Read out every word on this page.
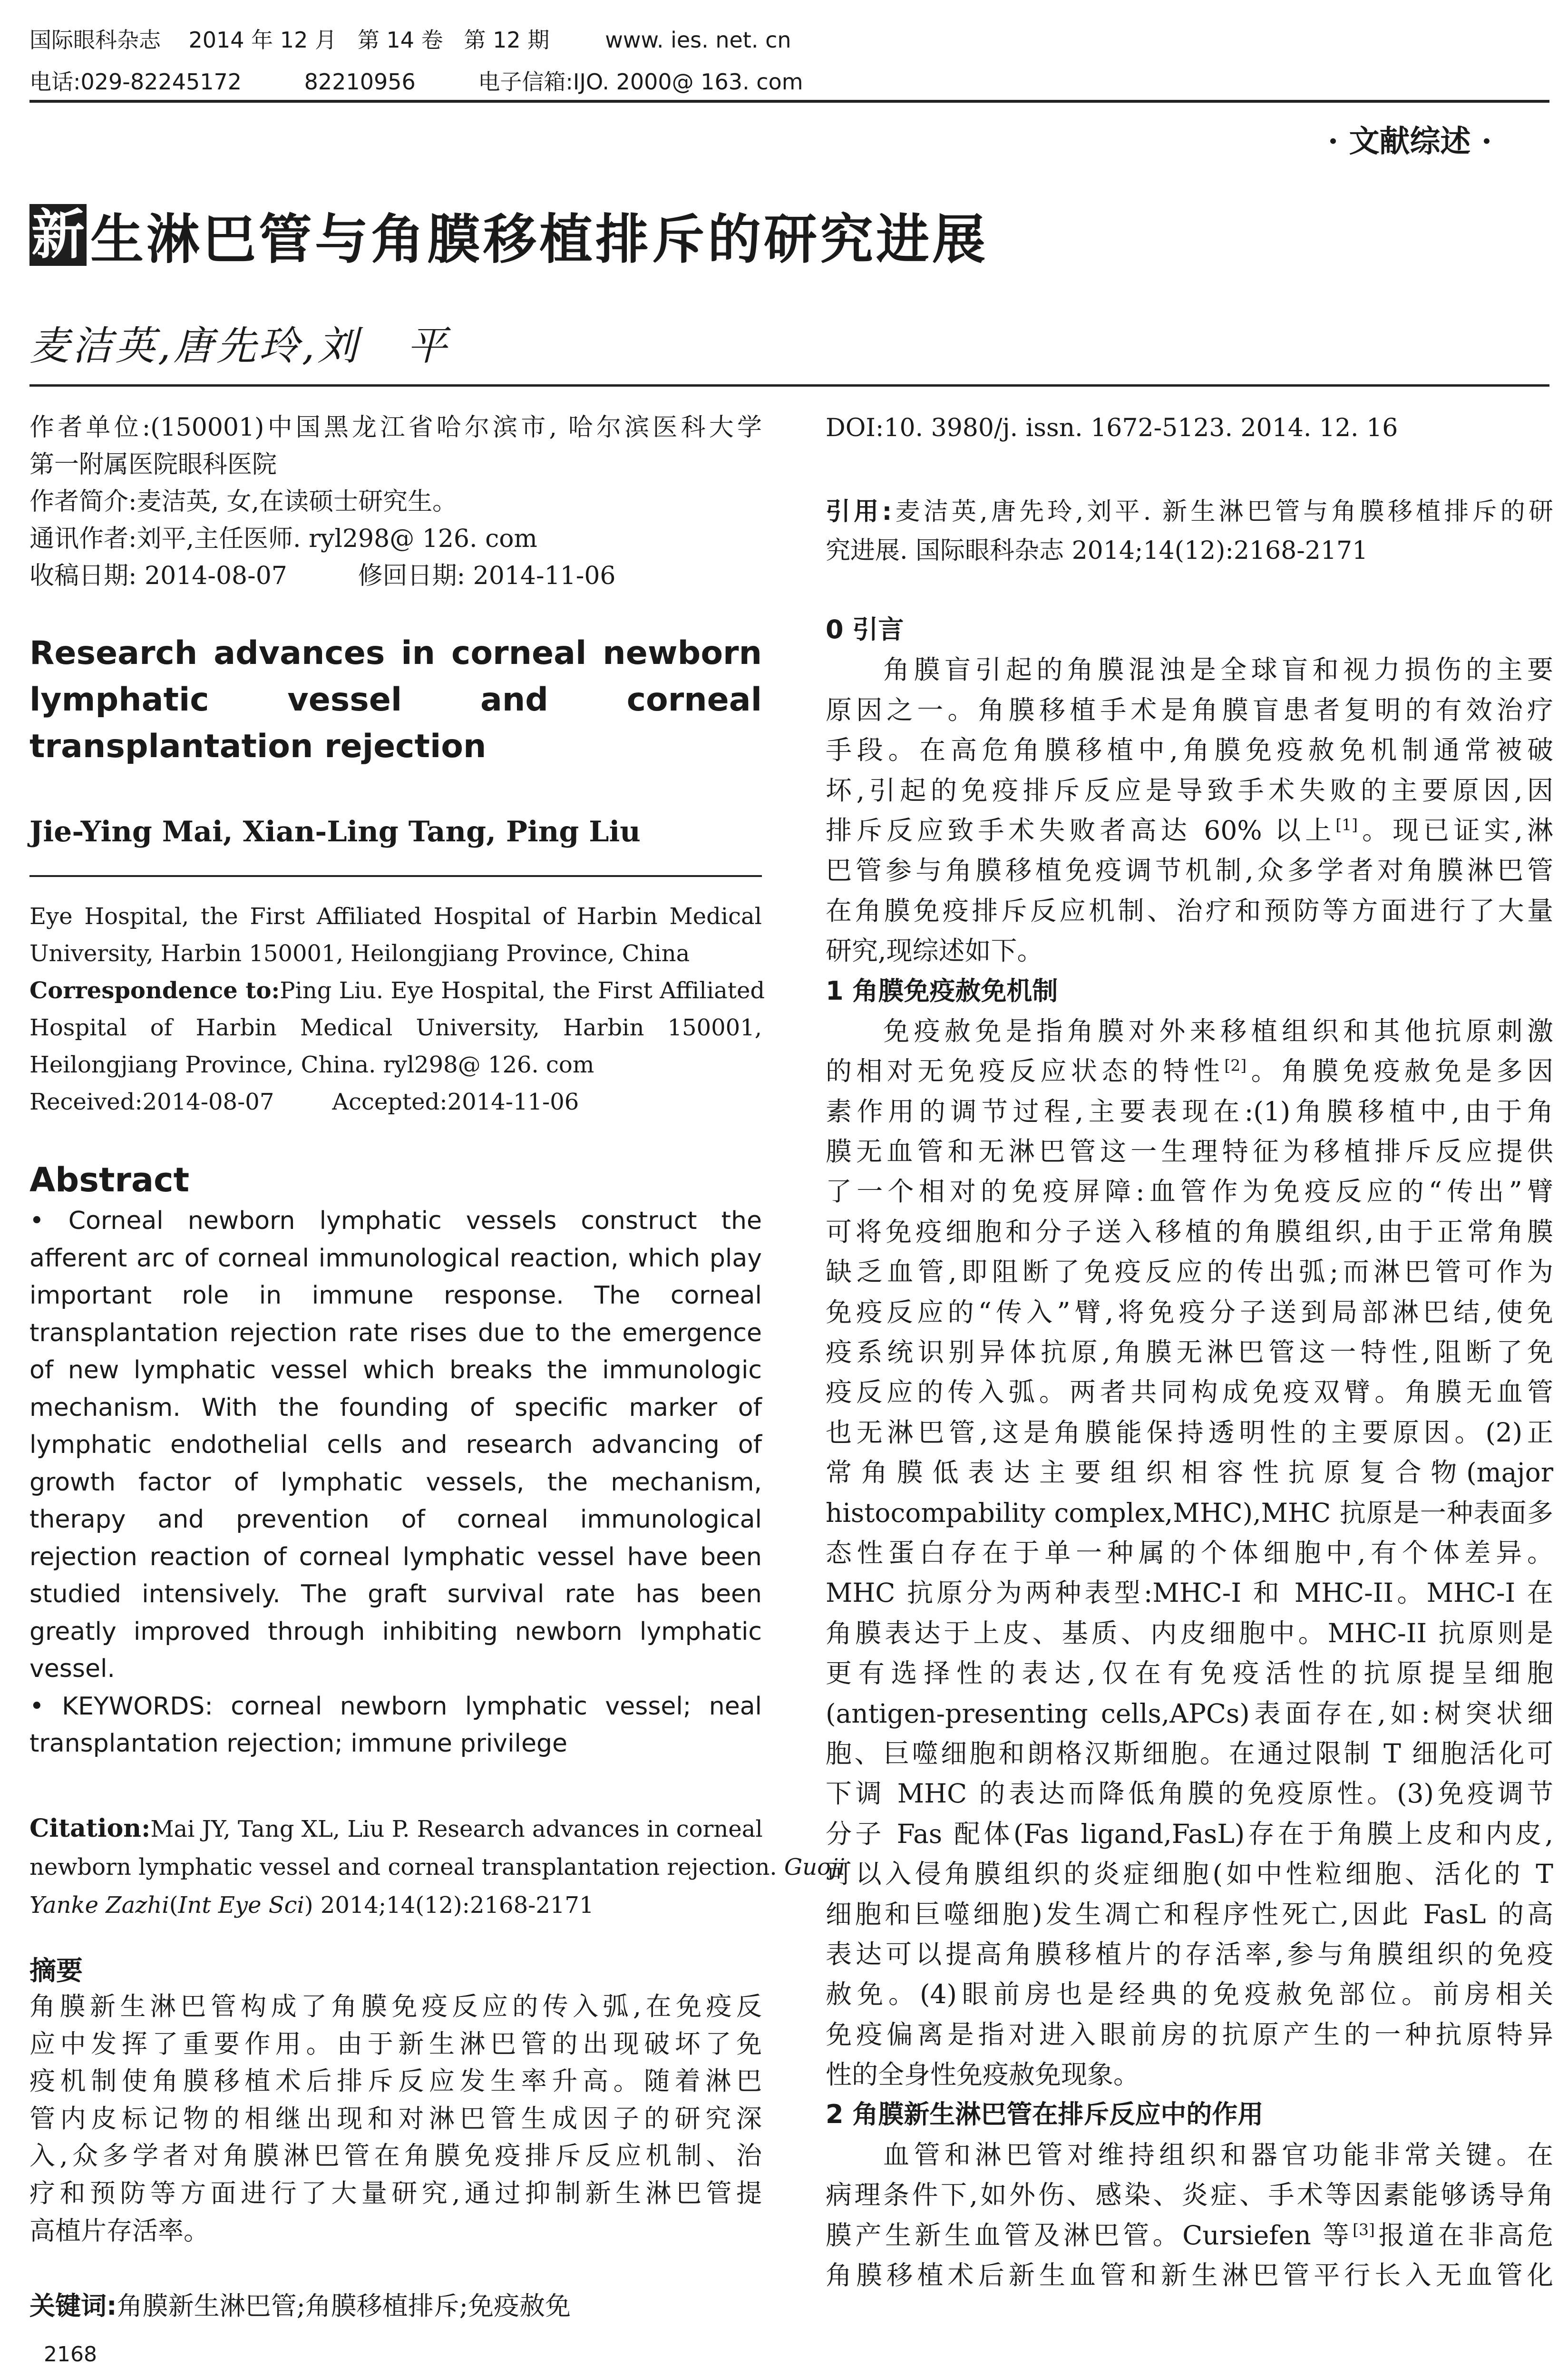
国际眼科杂志    2014 年 12 月   第 14 卷   第 12 期        www. ies. net. cn
电话:029-82245172         82210956         电子信箱:IJO. 2000@ 163. com
· 文献综述 ·
新 生淋巴管与角膜移植排斥的研究进展
麦洁英,唐先玲,刘   平
作者单位:(150001)中国黑龙江省哈尔滨市, 哈尔滨医科大学
第一附属医院眼科医院
作者简介:麦洁英, 女,在读硕士研究生。
通讯作者:刘平,主任医师. ryl298@ 126. com
收稿日期: 2014-08-07         修回日期: 2014-11-06
Research advances in corneal newborn
lymphatic vessel and corneal
transplantation rejection
Jie-Ying Mai, Xian-Ling Tang, Ping Liu
Eye Hospital, the First Affiliated Hospital of Harbin Medical
University, Harbin 150001, Heilongjiang Province, China
Correspondence to:Ping Liu. Eye Hospital, the First Affiliated
Hospital of Harbin Medical University, Harbin 150001,
Heilongjiang Province, China. ryl298@ 126. com
Received:2014-08-07        Accepted:2014-11-06
Abstract
• Corneal newborn lymphatic vessels construct the
afferent arc of corneal immunological reaction, which play
important role in immune response. The corneal
transplantation rejection rate rises due to the emergence
of new lymphatic vessel which breaks the immunologic
mechanism. With the founding of specific marker of
lymphatic endothelial cells and research advancing of
growth factor of lymphatic vessels, the mechanism,
therapy and prevention of corneal immunological
rejection reaction of corneal lymphatic vessel have been
studied intensively. The graft survival rate has been
greatly improved through inhibiting newborn lymphatic
vessel.
• KEYWORDS: corneal newborn lymphatic vessel; neal
transplantation rejection; immune privilege
Citation:Mai JY, Tang XL, Liu P. Research advances in corneal
newborn lymphatic vessel and corneal transplantation rejection. Guoji
Yanke Zazhi(Int Eye Sci) 2014;14(12):2168-2171
摘要
角膜新生淋巴管构成了角膜免疫反应的传入弧,在免疫反
应中发挥了重要作用。由于新生淋巴管的出现破坏了免
疫机制使角膜移植术后排斥反应发生率升高。随着淋巴
管内皮标记物的相继出现和对淋巴管生成因子的研究深
入,众多学者对角膜淋巴管在角膜免疫排斥反应机制、治
疗和预防等方面进行了大量研究,通过抑制新生淋巴管提
高植片存活率。
关键词:角膜新生淋巴管;角膜移植排斥;免疫赦免
2168
DOI:10. 3980/j. issn. 1672-5123. 2014. 12. 16
引用:麦洁英,唐先玲,刘平. 新生淋巴管与角膜移植排斥的研
究进展. 国际眼科杂志 2014;14(12):2168-2171
0 引言
角膜盲引起的角膜混浊是全球盲和视力损伤的主要
原因之一。角膜移植手术是角膜盲患者复明的有效治疗
手段。在高危角膜移植中,角膜免疫赦免机制通常被破
坏,引起的免疫排斥反应是导致手术失败的主要原因,因
排斥反应致手术失败者高达 60% 以上[1]。现已证实,淋
巴管参与角膜移植免疫调节机制,众多学者对角膜淋巴管
在角膜免疫排斥反应机制、治疗和预防等方面进行了大量
研究,现综述如下。
1 角膜免疫赦免机制
免疫赦免是指角膜对外来移植组织和其他抗原刺激
的相对无免疫反应状态的特性[2]。角膜免疫赦免是多因
素作用的调节过程,主要表现在:(1)角膜移植中,由于角
膜无血管和无淋巴管这一生理特征为移植排斥反应提供
了一个相对的免疫屏障:血管作为免疫反应的“传出”臂
可将免疫细胞和分子送入移植的角膜组织,由于正常角膜
缺乏血管,即阻断了免疫反应的传出弧;而淋巴管可作为
免疫反应的“传入”臂,将免疫分子送到局部淋巴结,使免
疫系统识别异体抗原,角膜无淋巴管这一特性,阻断了免
疫反应的传入弧。两者共同构成免疫双臂。角膜无血管
也无淋巴管,这是角膜能保持透明性的主要原因。(2)正
常角膜低表达主要组织相容性抗原复合物(major
histocompability complex,MHC),MHC 抗原是一种表面多
态性蛋白存在于单一种属的个体细胞中,有个体差异。
MHC 抗原分为两种表型:MHC-I 和 MHC-II。MHC-I 在
角膜表达于上皮、基质、内皮细胞中。MHC-II 抗原则是
更有选择性的表达,仅在有免疫活性的抗原提呈细胞
(antigen-presenting cells,APCs)表面存在,如:树突状细
胞、巨噬细胞和朗格汉斯细胞。在通过限制 T 细胞活化可
下调 MHC 的表达而降低角膜的免疫原性。(3)免疫调节
分子 Fas 配体(Fas ligand,FasL)存在于角膜上皮和内皮,
可以入侵角膜组织的炎症细胞(如中性粒细胞、活化的 T
细胞和巨噬细胞)发生凋亡和程序性死亡,因此 FasL 的高
表达可以提高角膜移植片的存活率,参与角膜组织的免疫
赦免。(4)眼前房也是经典的免疫赦免部位。前房相关
免疫偏离是指对进入眼前房的抗原产生的一种抗原特异
性的全身性免疫赦免现象。
2 角膜新生淋巴管在排斥反应中的作用
血管和淋巴管对维持组织和器官功能非常关键。在
病理条件下,如外伤、感染、炎症、手术等因素能够诱导角
膜产生新生血管及淋巴管。Cursiefen 等[3]报道在非高危
角膜移植术后新生血管和新生淋巴管平行长入无血管化
